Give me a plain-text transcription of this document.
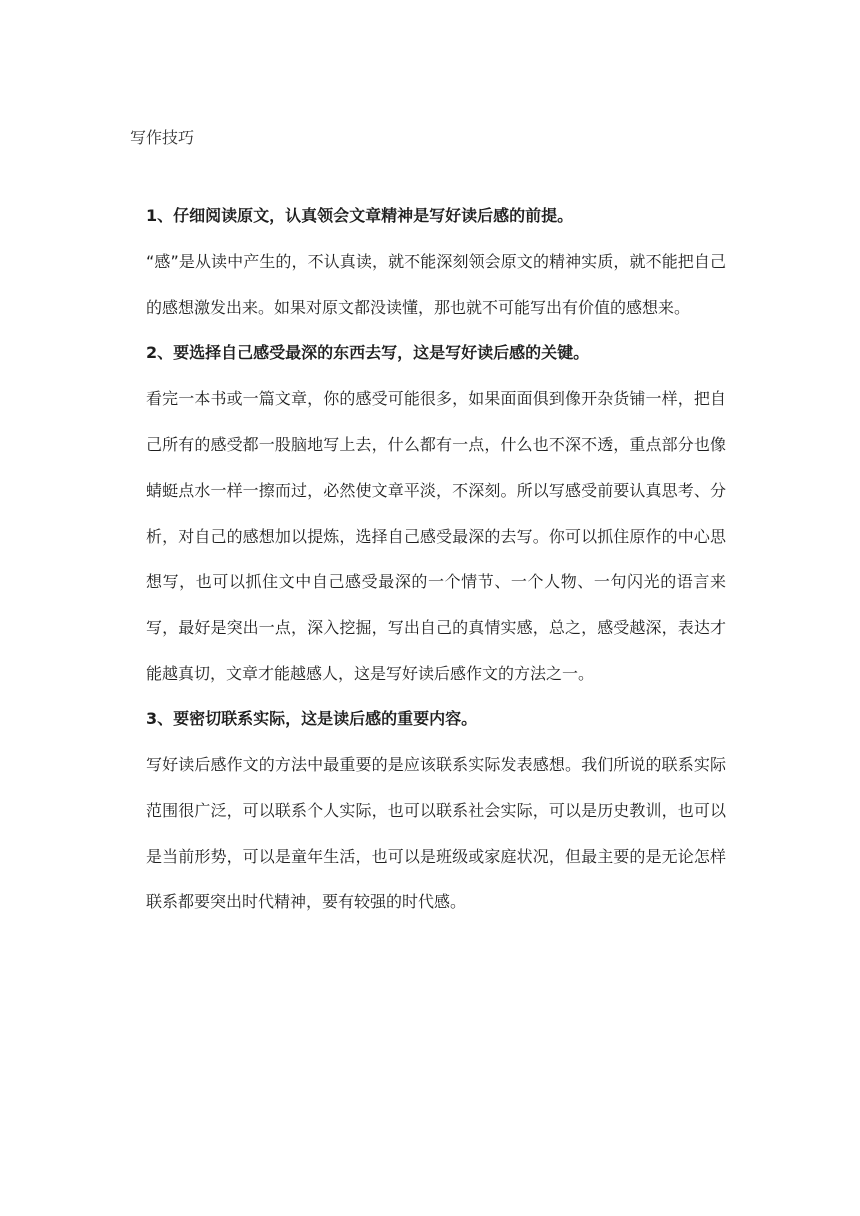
写作技巧

1、仔细阅读原文，认真领会文章精神是写好读后感的前提。

“感”是从读中产生的，不认真读，就不能深刻领会原文的精神实质，就不能把自己的感想激发出来。如果对原文都没读懂，那也就不可能写出有价值的感想来。

2、要选择自己感受最深的东西去写，这是写好读后感的关键。

看完一本书或一篇文章，你的感受可能很多，如果面面俱到像开杂货铺一样，把自己所有的感受都一股脑地写上去，什么都有一点，什么也不深不透，重点部分也像蜻蜓点水一样一擦而过，必然使文章平淡，不深刻。所以写感受前要认真思考、分析，对自己的感想加以提炼，选择自己感受最深的去写。你可以抓住原作的中心思想写，也可以抓住文中自己感受最深的一个情节、一个人物、一句闪光的语言来写，最好是突出一点，深入挖掘，写出自己的真情实感，总之，感受越深，表达才能越真切，文章才能越感人，这是写好读后感作文的方法之一。

3、要密切联系实际，这是读后感的重要内容。

写好读后感作文的方法中最重要的是应该联系实际发表感想。我们所说的联系实际范围很广泛，可以联系个人实际，也可以联系社会实际，可以是历史教训，也可以是当前形势，可以是童年生活，也可以是班级或家庭状况，但最主要的是无论怎样联系都要突出时代精神，要有较强的时代感。
